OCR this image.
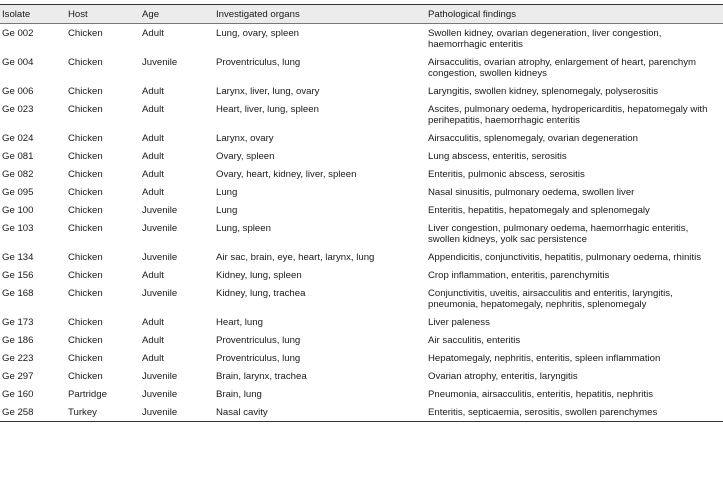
Isolate	Host	Age	Investigated organs	Pathological findings
Ge 002	Chicken	Adult	Lung, ovary, spleen	Swollen kidney, ovarian degeneration, liver congestion, haemorrhagic enteritis
Ge 004	Chicken	Juvenile	Proventriculus, lung	Airsacculitis, ovarian atrophy, enlargement of heart, parenchym congestion, swollen kidneys
Ge 006	Chicken	Adult	Larynx, liver, lung, ovary	Laryngitis, swollen kidney, splenomegaly, polyserositis
Ge 023	Chicken	Adult	Heart, liver, lung, spleen	Ascites, pulmonary oedema, hydropericarditis, hepatomegaly with perihepatitis, haemorrhagic enteritis
Ge 024	Chicken	Adult	Larynx, ovary	Airsacculitis, splenomegaly, ovarian degeneration
Ge 081	Chicken	Adult	Ovary, spleen	Lung abscess, enteritis, serositis
Ge 082	Chicken	Adult	Ovary, heart, kidney, liver, spleen	Enteritis, pulmonic abscess, serositis
Ge 095	Chicken	Adult	Lung	Nasal sinusitis, pulmonary oedema, swollen liver
Ge 100	Chicken	Juvenile	Lung	Enteritis, hepatitis, hepatomegaly and splenomegaly
Ge 103	Chicken	Juvenile	Lung, spleen	Liver congestion, pulmonary oedema, haemorrhagic enteritis, swollen kidneys, yolk sac persistence
Ge 134	Chicken	Juvenile	Air sac, brain, eye, heart, larynx, lung	Appendicitis, conjunctivitis, hepatitis, pulmonary oedema, rhinitis
Ge 156	Chicken	Adult	Kidney, lung, spleen	Crop inflammation, enteritis, parenchymitis
Ge 168	Chicken	Juvenile	Kidney, lung, trachea	Conjunctivitis, uveitis, airsacculitis and enteritis, laryngitis, pneumonia, hepatomegaly, nephritis, splenomegaly
Ge 173	Chicken	Adult	Heart, lung	Liver paleness
Ge 186	Chicken	Adult	Proventriculus, lung	Air sacculitis, enteritis
Ge 223	Chicken	Adult	Proventriculus, lung	Hepatomegaly, nephritis, enteritis, spleen inflammation
Ge 297	Chicken	Juvenile	Brain, larynx, trachea	Ovarian atrophy, enteritis, laryngitis
Ge 160	Partridge	Juvenile	Brain, lung	Pneumonia, airsacculitis, enteritis, hepatitis, nephritis
Ge 258	Turkey	Juvenile	Nasal cavity	Enteritis, septicaemia, serositis, swollen parenchymes
